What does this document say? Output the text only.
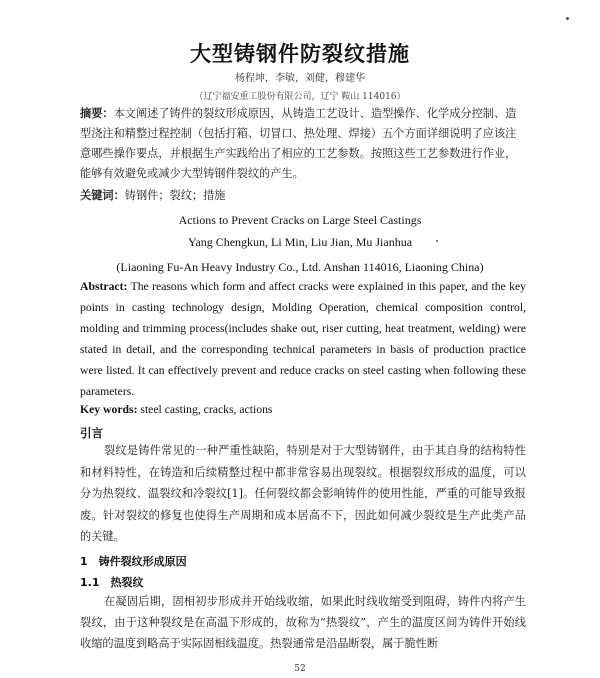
大型铸钢件防裂纹措施
杨程坤，李敏，刘健，穆建华
（辽宁福安重工股份有限公司，辽宁 鞍山 114016）
摘要：本文阐述了铸件的裂纹形成原因，从铸造工艺设计、造型操作、化学成分控制、造型浇注和精整过程控制（包括打箱、切冒口、热处理、焊接）五个方面详细说明了应该注意哪些操作要点，并根据生产实践给出了相应的工艺参数。按照这些工艺参数进行作业，能够有效避免或减少大型铸钢件裂纹的产生。
关键词：铸钢件；裂纹；措施
Actions to Prevent Cracks on Large Steel Castings
Yang Chengkun, Li Min, Liu Jian, Mu Jianhua
(Liaoning Fu-An Heavy Industry Co., Ltd. Anshan 114016, Liaoning China)
Abstract: The reasons which form and affect cracks were explained in this paper, and the key points in casting technology design, Molding Operation, chemical composition control, molding and trimming process(includes shake out, riser cutting, heat treatment, welding) were stated in detail, and the corresponding technical parameters in basis of production practice were listed. It can effectively prevent and reduce cracks on steel casting when following these parameters.
Key words: steel casting, cracks, actions
引言
裂纹是铸件常见的一种严重性缺陷，特别是对于大型铸钢件，由于其自身的结构特性和材料特性，在铸造和后续精整过程中都非常容易出现裂纹。根据裂纹形成的温度，可以分为热裂纹、温裂纹和冷裂纹[1]。任何裂纹都会影响铸件的使用性能，严重的可能导致报废。针对裂纹的修复也使得生产周期和成本居高不下，因此如何减少裂纹是生产此类产品的关键。
1　铸件裂纹形成原因
1.1　热裂纹
在凝固后期，固相初步形成并开始线收缩，如果此时线收缩受到阻碍，铸件内将产生裂纹，由于这种裂纹是在高温下形成的，故称为“热裂纹”，产生的温度区间为铸件开始线收缩的温度到略高于实际固相线温度。热裂通常是沿晶断裂，属于脆性断
52
